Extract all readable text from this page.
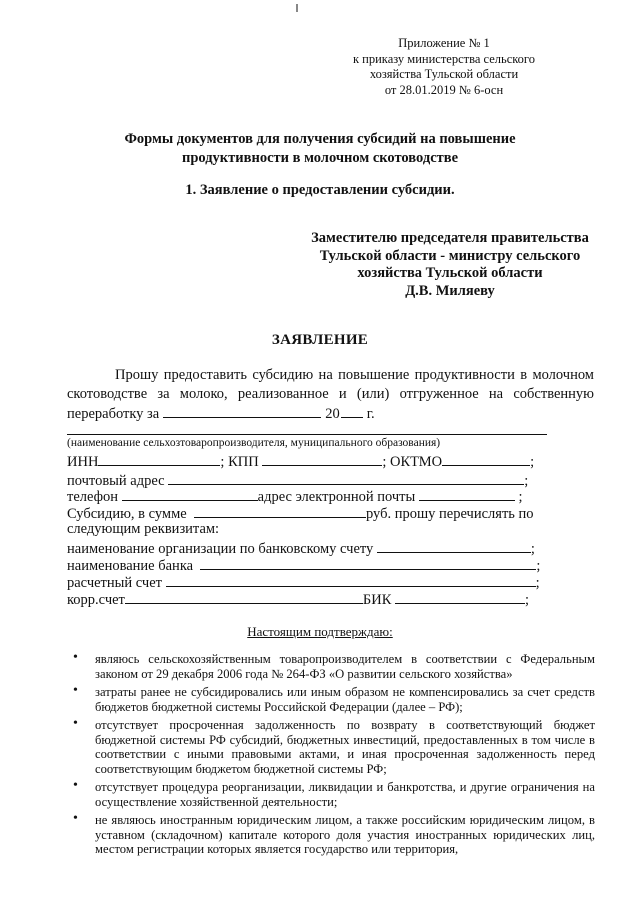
Приложение № 1
к приказу министерства сельского
хозяйства Тульской области
от 28.01.2019 № 6-осн
Формы документов для получения субсидий на повышение
продуктивности в молочном скотоводстве
1. Заявление о предоставлении субсидии.
Заместителю председателя правительства
Тульской области - министру сельского
хозяйства Тульской области
Д.В. Миляеву
ЗАЯВЛЕНИЕ

Прошу предоставить субсидию на повышение продуктивности в молочном скотоводстве за молоко, реализованное и (или) отгруженное на собственную переработку за	20 г.

(наименование сельхозтоваропроизводителя, муниципального образования)
ИНН	; КПП	; ОКТМО	;
почтовый адрес	;
телефон	адрес электронной почты	;
Субсидию, в сумме	руб. прошу перечислять по
следующим реквизитам:
наименование организации по банковскому счету	;
наименование банка	;
расчетный счет	;
корр.счет	БИК	;
Настоящим подтверждаю:
• являюсь сельскохозяйственным товаропроизводителем в соответствии с Федеральным законом от 29 декабря 2006 года № 264-ФЗ «О развитии сельского хозяйства»
• затраты ранее не субсидировались или иным образом не компенсировались за счет средств бюджетов бюджетной системы Российской Федерации (далее – РФ);
• отсутствует просроченная задолженность по возврату в соответствующий бюджет бюджетной системы РФ субсидий, бюджетных инвестиций, предоставленных в том числе в соответствии с иными правовыми актами, и иная просроченная задолженность перед соответствующим бюджетом бюджетной системы РФ;
• отсутствует процедура реорганизации, ликвидации и банкротства, и другие ограничения на осуществление хозяйственной деятельности;
• не являюсь иностранным юридическим лицом, а также российским юридическим лицом, в уставном (складочном) капитале которого доля участия иностранных юридических лиц, местом регистрации которых является государство или территория,
